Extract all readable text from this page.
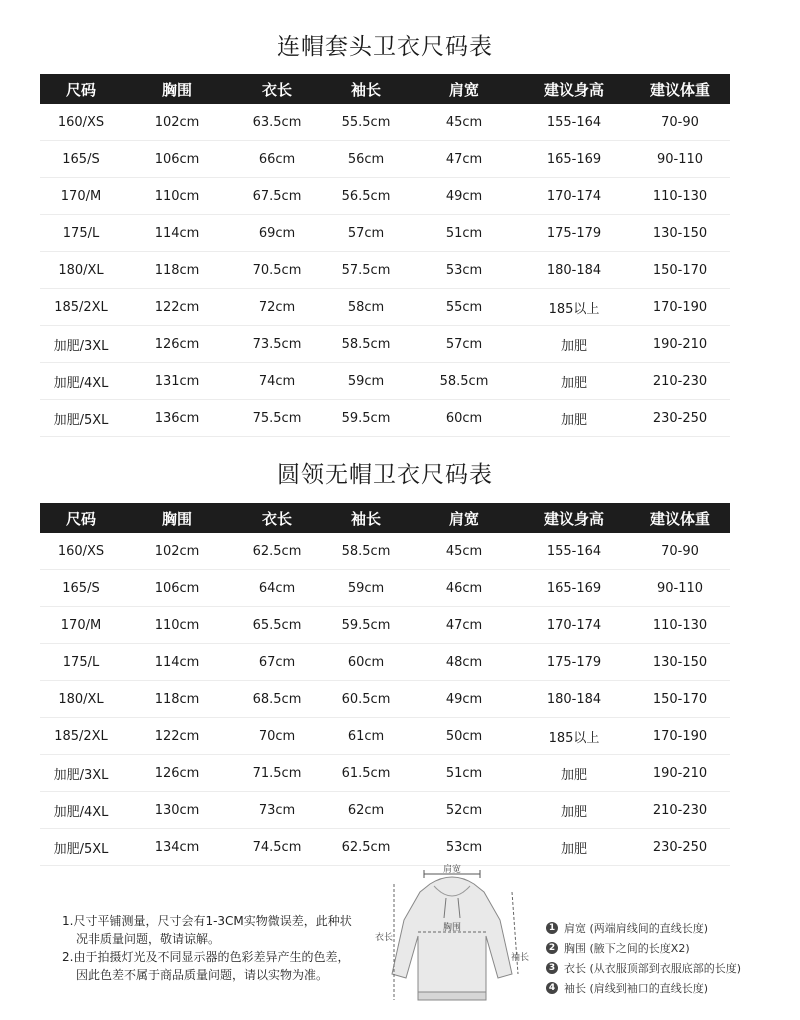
连帽套头卫衣尺码表
尺码	胸围	衣长	袖长	肩宽	建议身高	建议体重
160/XS	102cm	63.5cm	55.5cm	45cm	155-164	70-90
165/S	106cm	66cm	56cm	47cm	165-169	90-110
170/M	110cm	67.5cm	56.5cm	49cm	170-174	110-130
175/L	114cm	69cm	57cm	51cm	175-179	130-150
180/XL	118cm	70.5cm	57.5cm	53cm	180-184	150-170
185/2XL	122cm	72cm	58cm	55cm	185以上	170-190
加肥/3XL	126cm	73.5cm	58.5cm	57cm	加肥	190-210
加肥/4XL	131cm	74cm	59cm	58.5cm	加肥	210-230
加肥/5XL	136cm	75.5cm	59.5cm	60cm	加肥	230-250
圆领无帽卫衣尺码表
尺码	胸围	衣长	袖长	肩宽	建议身高	建议体重
160/XS	102cm	62.5cm	58.5cm	45cm	155-164	70-90
165/S	106cm	64cm	59cm	46cm	165-169	90-110
170/M	110cm	65.5cm	59.5cm	47cm	170-174	110-130
175/L	114cm	67cm	60cm	48cm	175-179	130-150
180/XL	118cm	68.5cm	60.5cm	49cm	180-184	150-170
185/2XL	122cm	70cm	61cm	50cm	185以上	170-190
加肥/3XL	126cm	71.5cm	61.5cm	51cm	加肥	190-210
加肥/4XL	130cm	73cm	62cm	52cm	加肥	210-230
加肥/5XL	134cm	74.5cm	62.5cm	53cm	加肥	230-250
1.尺寸平铺测量，尺寸会有1-3CM实物微误差，此种状
况非质量问题，敬请谅解。
2.由于拍摄灯光及不同显示器的色彩差异产生的色差，
因此色差不属于商品质量问题，请以实物为准。
肩宽
胸围
衣长
袖长
1 肩宽 (两端肩线间的直线长度)
2 胸围 (腋下之间的长度X2)
3 衣长 (从衣服顶部到衣服底部的长度)
4 袖长 (肩线到袖口的直线长度)
